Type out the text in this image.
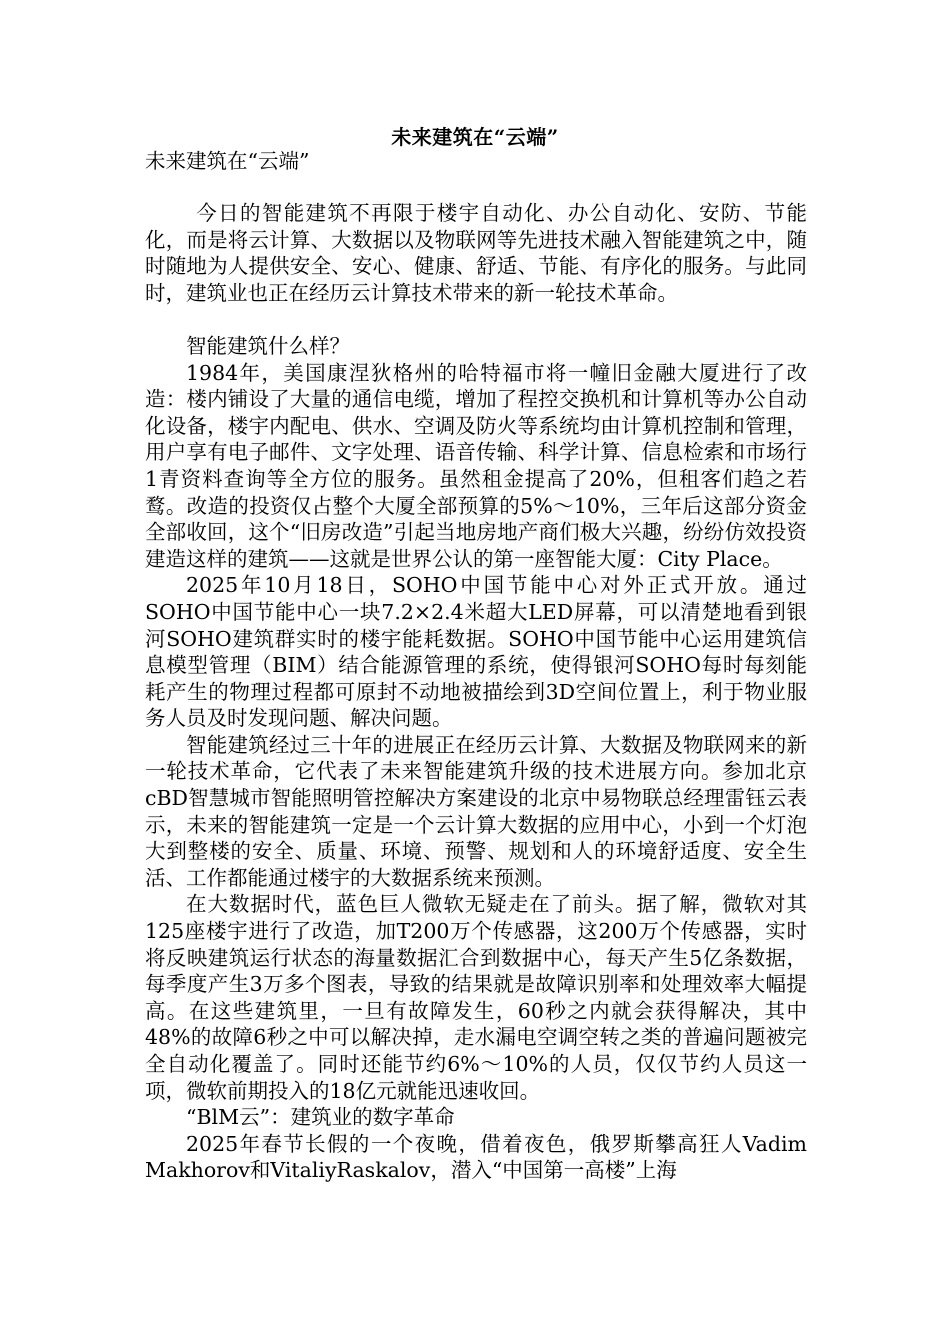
未来建筑在“云端”
未来建筑在“云端”

今日的智能建筑不再限于楼宇自动化、办公自动化、安防、节能化，而是将云计算、大数据以及物联网等先进技术融入智能建筑之中，随时随地为人提供安全、安心、健康、舒适、节能、有序化的服务。与此同时，建筑业也正在经历云计算技术带来的新一轮技术革命。

智能建筑什么样？

1984年，美国康涅狄格州的哈特福市将一幢旧金融大厦进行了改造：楼内铺设了大量的通信电缆，增加了程控交换机和计算机等办公自动化设备，楼宇内配电、供水、空调及防火等系统均由计算机控制和管理，用户享有电子邮件、文字处理、语音传输、科学计算、信息检索和市场行1青资料查询等全方位的服务。虽然租金提高了20%，但租客们趋之若鹜。改造的投资仅占整个大厦全部预算的5%～10%，三年后这部分资金全部收回，这个“旧房改造”引起当地房地产商们极大兴趣，纷纷仿效投资建造这样的建筑——这就是世界公认的第一座智能大厦：City Place。

2025年10月18日，SOHO中国节能中心对外正式开放。通过SOHO中国节能中心一块7.2×2.4米超大LED屏幕，可以清楚地看到银河SOHO建筑群实时的楼宇能耗数据。SOHO中国节能中心运用建筑信息模型管理（BIM）结合能源管理的系统，使得银河SOHO每时每刻能耗产生的物理过程都可原封不动地被描绘到3D空间位置上，利于物业服务人员及时发现问题、解决问题。

智能建筑经过三十年的进展正在经历云计算、大数据及物联网来的新一轮技术革命，它代表了未来智能建筑升级的技术进展方向。参加北京cBD智慧城市智能照明管控解决方案建设的北京中易物联总经理雷钰云表示，未来的智能建筑一定是一个云计算大数据的应用中心，小到一个灯泡大到整楼的安全、质量、环境、预警、规划和人的环境舒适度、安全生活、工作都能通过楼宇的大数据系统来预测。

在大数据时代，蓝色巨人微软无疑走在了前头。据了解，微软对其125座楼宇进行了改造，加T200万个传感器，这200万个传感器，实时将反映建筑运行状态的海量数据汇合到数据中心，每天产生5亿条数据，每季度产生3万多个图表，导致的结果就是故障识别率和处理效率大幅提高。在这些建筑里，一旦有故障发生，60秒之内就会获得解决，其中48%的故障6秒之中可以解决掉，走水漏电空调空转之类的普遍问题被完全自动化覆盖了。同时还能节约6%～10%的人员，仅仅节约人员这一项，微软前期投入的18亿元就能迅速收回。

“BlM云”：建筑业的数字革命

2025年春节长假的一个夜晚，借着夜色，俄罗斯攀高狂人Vadim Makhorov和VitaliyRaskalov，潜入“中国第一高楼”上海
